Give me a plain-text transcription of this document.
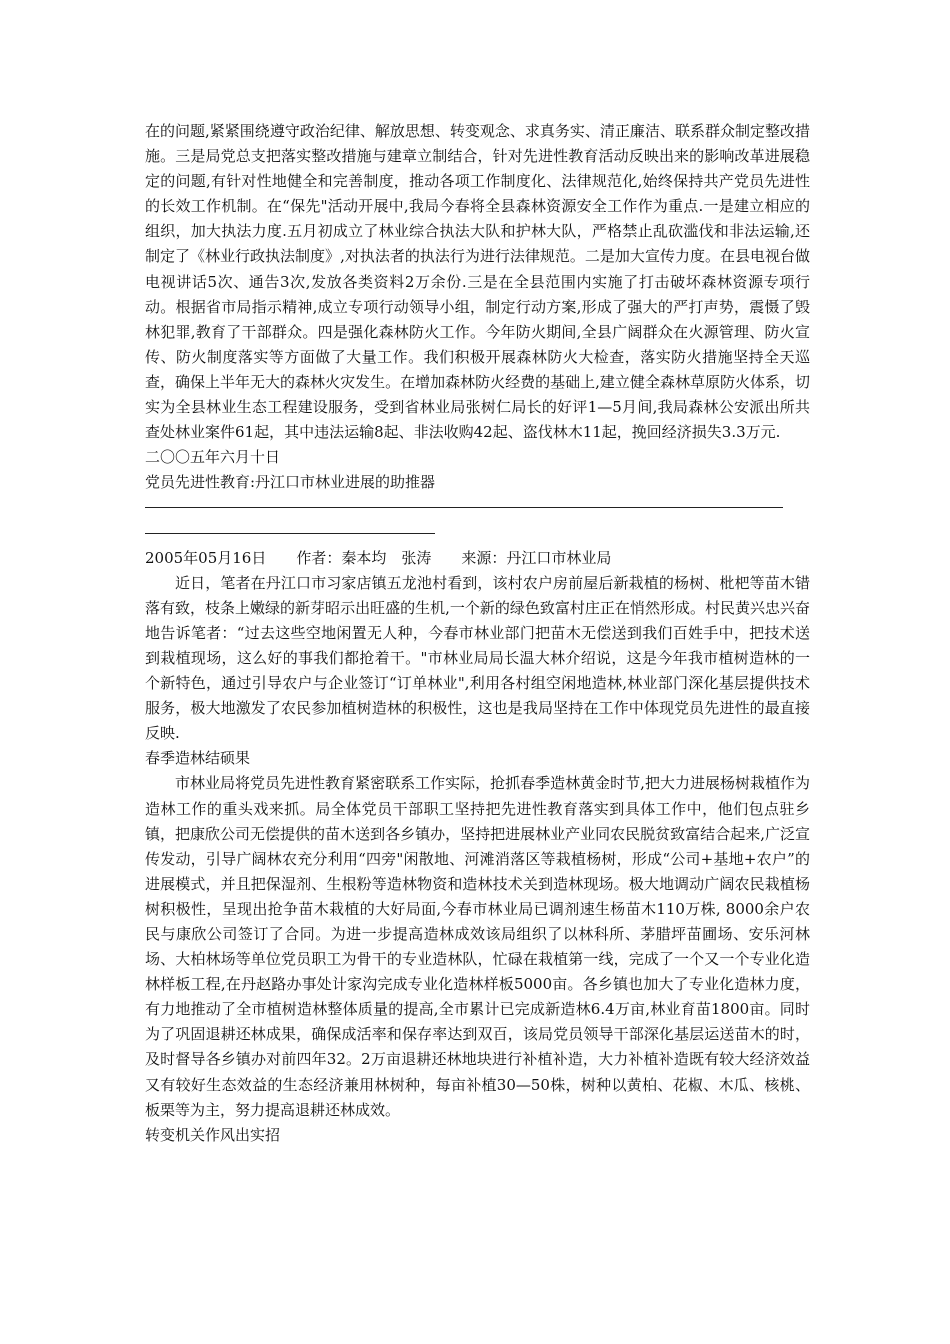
在的问题,紧紧围绕遵守政治纪律、解放思想、转变观念、求真务实、清正廉洁、联系群众制定整改措施。三是局党总支把落实整改措施与建章立制结合，针对先进性教育活动反映出来的影响改革进展稳定的问题,有针对性地健全和完善制度，推动各项工作制度化、法律规范化,始终保持共产党员先进性的长效工作机制。在“保先"活动开展中,我局今春将全县森林资源安全工作作为重点.一是建立相应的组织，加大执法力度.五月初成立了林业综合执法大队和护林大队，严格禁止乱砍滥伐和非法运输,还制定了《林业行政执法制度》,对执法者的执法行为进行法律规范。二是加大宣传力度。在县电视台做电视讲话5次、通告3次,发放各类资料2万余份.三是在全县范围内实施了打击破坏森林资源专项行动。根据省市局指示精神,成立专项行动领导小组，制定行动方案,形成了强大的严打声势，震慑了毁林犯罪,教育了干部群众。四是强化森林防火工作。今年防火期间,全县广阔群众在火源管理、防火宣传、防火制度落实等方面做了大量工作。我们积极开展森林防火大检查，落实防火措施坚持全天巡查，确保上半年无大的森林火灾发生。在增加森林防火经费的基础上,建立健全森林草原防火体系，切实为全县林业生态工程建设服务，受到省林业局张树仁局长的好评1—5月间,我局森林公安派出所共查处林业案件61起，其中违法运输8起、非法收购42起、盗伐林木11起，挽回经济损失3.3万元.

二〇〇五年六月十日

党员先进性教育:丹江口市林业进展的助推器

2005年05月16日　　作者：秦本均　张涛　　来源：丹江口市林业局

近日，笔者在丹江口市习家店镇五龙池村看到，该村农户房前屋后新栽植的杨树、枇杷等苗木错落有致，枝条上嫩绿的新芽昭示出旺盛的生机,一个新的绿色致富村庄正在悄然形成。村民黄兴忠兴奋地告诉笔者：“过去这些空地闲置无人种，今春市林业部门把苗木无偿送到我们百姓手中，把技术送到栽植现场，这么好的事我们都抢着干。"市林业局局长温大林介绍说，这是今年我市植树造林的一个新特色，通过引导农户与企业签订“订单林业",利用各村组空闲地造林,林业部门深化基层提供技术服务，极大地激发了农民参加植树造林的积极性，这也是我局坚持在工作中体现党员先进性的最直接反映.

春季造林结硕果

市林业局将党员先进性教育紧密联系工作实际，抢抓春季造林黄金时节,把大力进展杨树栽植作为造林工作的重头戏来抓。局全体党员干部职工坚持把先进性教育落实到具体工作中，他们包点驻乡镇，把康欣公司无偿提供的苗木送到各乡镇办，坚持把进展林业产业同农民脱贫致富结合起来,广泛宣传发动，引导广阔林农充分利用“四旁"闲散地、河滩消落区等栽植杨树，形成“公司+基地+农户”的进展模式，并且把保湿剂、生根粉等造林物资和造林技术关到造林现场。极大地调动广阔农民栽植杨树积极性，呈现出抢争苗木栽植的大好局面,今春市林业局已调剂速生杨苗木110万株, 8000余户农民与康欣公司签订了合同。为进一步提高造林成效该局组织了以林科所、茅腊坪苗圃场、安乐河林场、大柏林场等单位党员职工为骨干的专业造林队，忙碌在栽植第一线，完成了一个又一个专业化造林样板工程,在丹赵路办事处计家沟完成专业化造林样板5000亩。各乡镇也加大了专业化造林力度，有力地推动了全市植树造林整体质量的提高,全市累计已完成新造林6.4万亩,林业育苗1800亩。同时为了巩固退耕还林成果，确保成活率和保存率达到双百，该局党员领导干部深化基层运送苗木的时，及时督导各乡镇办对前四年32。2万亩退耕还林地块进行补植补造，大力补植补造既有较大经济效益又有较好生态效益的生态经济兼用林树种，每亩补植30—50株，树种以黄柏、花椒、木瓜、核桃、板栗等为主，努力提高退耕还林成效。

转变机关作风出实招
